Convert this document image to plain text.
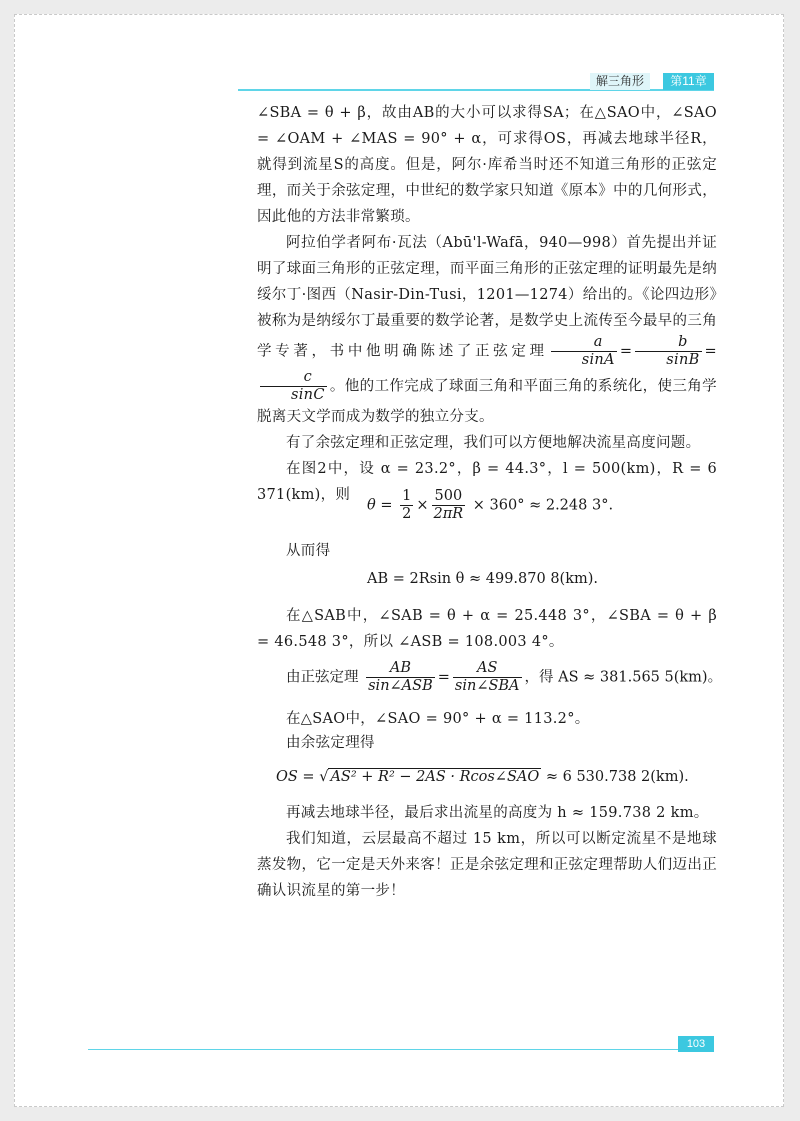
解三角形	第11章

∠SBA = θ + β，故由AB的大小可以求得SA；在△SAO中，∠SAO = ∠OAM + ∠MAS = 90° + α，可求得OS，再减去地球半径R，就得到流星S的高度。但是，阿尔·库希当时还不知道三角形的正弦定理，而关于余弦定理，中世纪的数学家只知道《原本》中的几何形式，因此他的方法非常繁琐。

阿拉伯学者阿布·瓦法（Abū'l-Wafā，940—998）首先提出并证明了球面三角形的正弦定理，而平面三角形的正弦定理的证明最先是纳绥尔丁·图西（Nasir-Din-Tusi，1201—1274）给出的。《论四边形》被称为是纳绥尔丁最重要的数学论著，是数学史上流传至今最早的三角学专著，书中他明确陈述了正弦定理 $\frac{a}{\sin A} = \frac{b}{\sin B}$ =
$\frac{c}{\sin C}$ 。他的工作完成了球面三角和平面三角的系统化，使三角学脱离天文学而成为数学的独立分支。

有了余弦定理和正弦定理，我们可以方便地解决流星高度问题。

在图2中，设 α = 23.2°，β = 44.3°，l = 500(km)，R = 6 371(km)，则

$\theta = \frac{1}{2} \times \frac{500}{2\pi R} \times 360^\circ \approx 2.248$ 3°.
从而得
AB = 2Rsin θ ≈ 499.870 8(km).

在△SAB中，∠SAB = θ + α = 25.448 3°，∠SBA = θ + β = 46.548 3°，所以 ∠ASB = 108.003 4°。

由正弦定理 $\frac{AB}{\text{sin∠ASB}} = \frac{AS}{\text{sin∠SBA}}$ ，得 AS ≈ 381.565 5(km)。
在△SAO中，∠SAO = 90° + α = 113.2°。
由余弦定理得
OS = √ AS² + R² − 2AS · Rcos∠SAO ≈ 6 530.738 2(km).

再减去地球半径，最后求出流星的高度为 h ≈ 159.738 2 km。

我们知道，云层最高不超过 15 km，所以可以断定流星不是地球蒸发物，它一定是天外来客！正是余弦定理和正弦定理帮助人们迈出正确认识流星的第一步！

103
